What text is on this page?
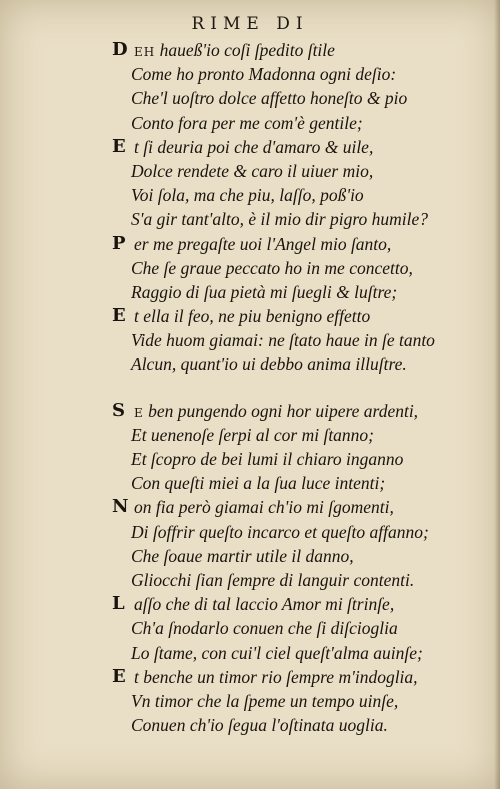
RIME DI
D EH haueß'io coſi ſpedito ſtile
Come ho pronto Madonna ogni deſio:
Che'l uoſtro dolce affetto honeſto & pio
Conto fora per me com'è gentile;
E t ſi deuria poi che d'amaro & uile,
Dolce rendete & caro il uiuer mio,
Voi ſola, ma che piu, laſſo, poß'io
S'a gir tant'alto, è il mio dir pigro humile?
P er me pregaſte uoi l'Angel mio ſanto,
Che ſe graue peccato ho in me concetto,
Raggio di ſua pietà mi ſuegli & luſtre;
E t ella il feo, ne piu benigno effetto
Vide huom giamai: ne ſtato haue in ſe tanto
Alcun, quant'io ui debbo anima illuſtre.
S E ben pungendo ogni hor uipere ardenti,
Et uenenoſe ſerpi al cor mi ſtanno;
Et ſcopro de bei lumi il chiaro inganno
Con queſti miei a la ſua luce intenti;
N on fia però giamai ch'io mi ſgomenti,
Di ſoffrir queſto incarco et queſto affanno;
Che ſoaue martir utile il danno,
Gliocchi ſian ſempre di languir contenti.
L aſſo che di tal laccio Amor mi ſtrinſe,
Ch'a ſnodarlo conuen che ſi diſciogliа
Lo ſtame, con cui'l ciel queſt'alma auinſe;
E t benche un timor rio ſempre m'indoglia,
Vn timor che la ſpeme un tempo uinſe,
Conuen ch'io ſegua l'oſtinata uoglia.
